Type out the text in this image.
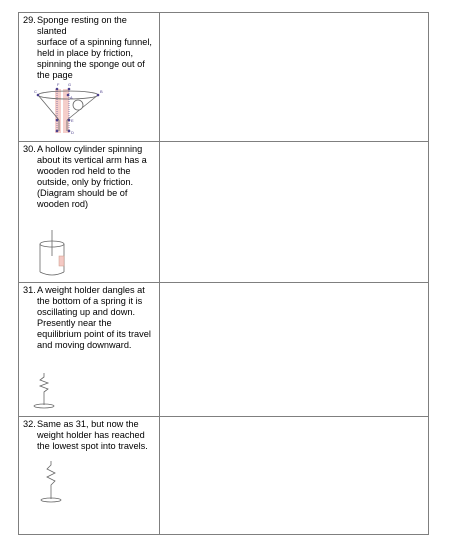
29. Sponge resting on the slanted

surface of a spinning funnel,

held in place by friction,

spinning the sponge out of

the page

F G
C	B
A
E
D
30. A hollow cylinder spinning

about its vertical arm has a

wooden rod held to the

outside, only by friction.

(Diagram should be of

wooden rod)

31. A weight holder dangles at

the bottom of a spring it is

oscillating up and down.

Presently near the

equilibrium point of its travel

and moving downward.

32. Same as 31, but now the

weight holder has reached

the lowest spot into travels.
